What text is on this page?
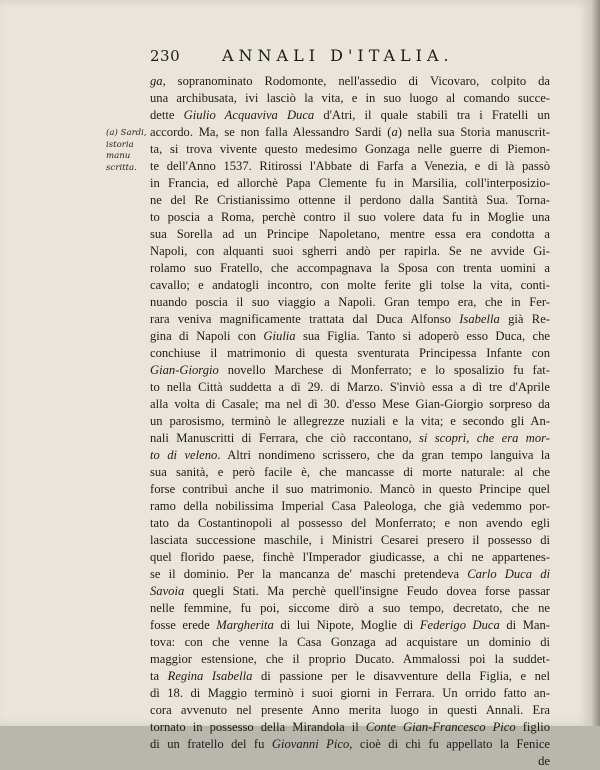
230	ANNALI D'ITALIA.
(a) Sardi,
istoria manu
scritta.
ga, sopranominato Rodomonte, nell'assedio di Vicovaro, colpito da
una archibusata, ivi lasciò la vita, e in suo luogo al comando succe-
dette Giulio Acquaviva Duca d'Atri, il quale stabilì tra i Fratelli un
accordo. Ma, se non falla Alessandro Sardi (a) nella sua Storia manuscrit-
ta, si trova vivente questo medesimo Gonzaga nelle guerre di Piemon-
te dell'Anno 1537. Ritirossi l'Abbate di Farfa a Venezia, e di là passò
in Francia, ed allorchè Papa Clemente fu in Marsilia, coll'interposizio-
ne del Re Cristianissimo ottenne il perdono dalla Santità Sua. Torna-
to poscia a Roma, perchè contro il suo volere data fu in Moglie una
sua Sorella ad un Principe Napoletano, mentre essa era condotta a
Napoli, con alquanti suoi sgherri andò per rapirla. Se ne avvide Gi-
rolamo suo Fratello, che accompagnava la Sposa con trenta uomini a
cavallo; e andatogli incontro, con molte ferite gli tolse la vita, conti-
nuando poscia il suo viaggio a Napoli. Gran tempo era, che in Fer-
rara veniva magnificamente trattata dal Duca Alfonso Isabella già Re-
gina di Napoli con Giulia sua Figlia. Tanto si adoperò esso Duca, che
conchiuse il matrimonio di questa sventurata Principessa Infante con
Gian-Giorgio novello Marchese di Monferrato; e lo sposalizio fu fat-
to nella Città suddetta a dì 29. di Marzo. S'inviò essa a dì tre d'Aprile
alla volta di Casale; ma nel dì 30. d'esso Mese Gian-Giorgio sorpreso da
un parosismo, terminò le allegrezze nuziali e la vita; e secondo gli An-
nali Manuscritti di Ferrara, che ciò raccontano, si scoprì, che era mor-
to di veleno. Altri nondimeno scrissero, che da gran tempo languiva la
sua sanità, e però facile è, che mancasse di morte naturale: al che
forse contribuì anche il suo matrimonio. Mancò in questo Principe quel
ramo della nobilissima Imperial Casa Paleologa, che già vedemmo por-
tato da Costantinopoli al possesso del Monferrato; e non avendo egli
lasciata successione maschile, i Ministri Cesarei presero il possesso di
quel florido paese, finchè l'Imperador giudicasse, a chi ne appartenes-
se il dominio. Per la mancanza de' maschi pretendeva Carlo Duca di
Savoia quegli Stati. Ma perchè quell'insigne Feudo dovea forse passar
nelle femmine, fu poi, siccome dirò a suo tempo, decretato, che ne
fosse erede Margherita di lui Nipote, Moglie di Federigo Duca di Man-
tova: con che venne la Casa Gonzaga ad acquistare un dominio di
maggior estensione, che il proprio Ducato. Ammalossi poi la suddet-
ta Regina Isabella di passione per le disavventure della Figlia, e nel
dì 18. di Maggio terminò i suoi giorni in Ferrara. Un orrido fatto an-
cora avvenuto nel presente Anno merita luogo in questi Annali. Era
tornato in possesso della Mirandola il Conte Gian-Francesco Pico figlio
di un fratello del fu Giovanni Pico, cioè di chi fu appellato la Fenice
de
